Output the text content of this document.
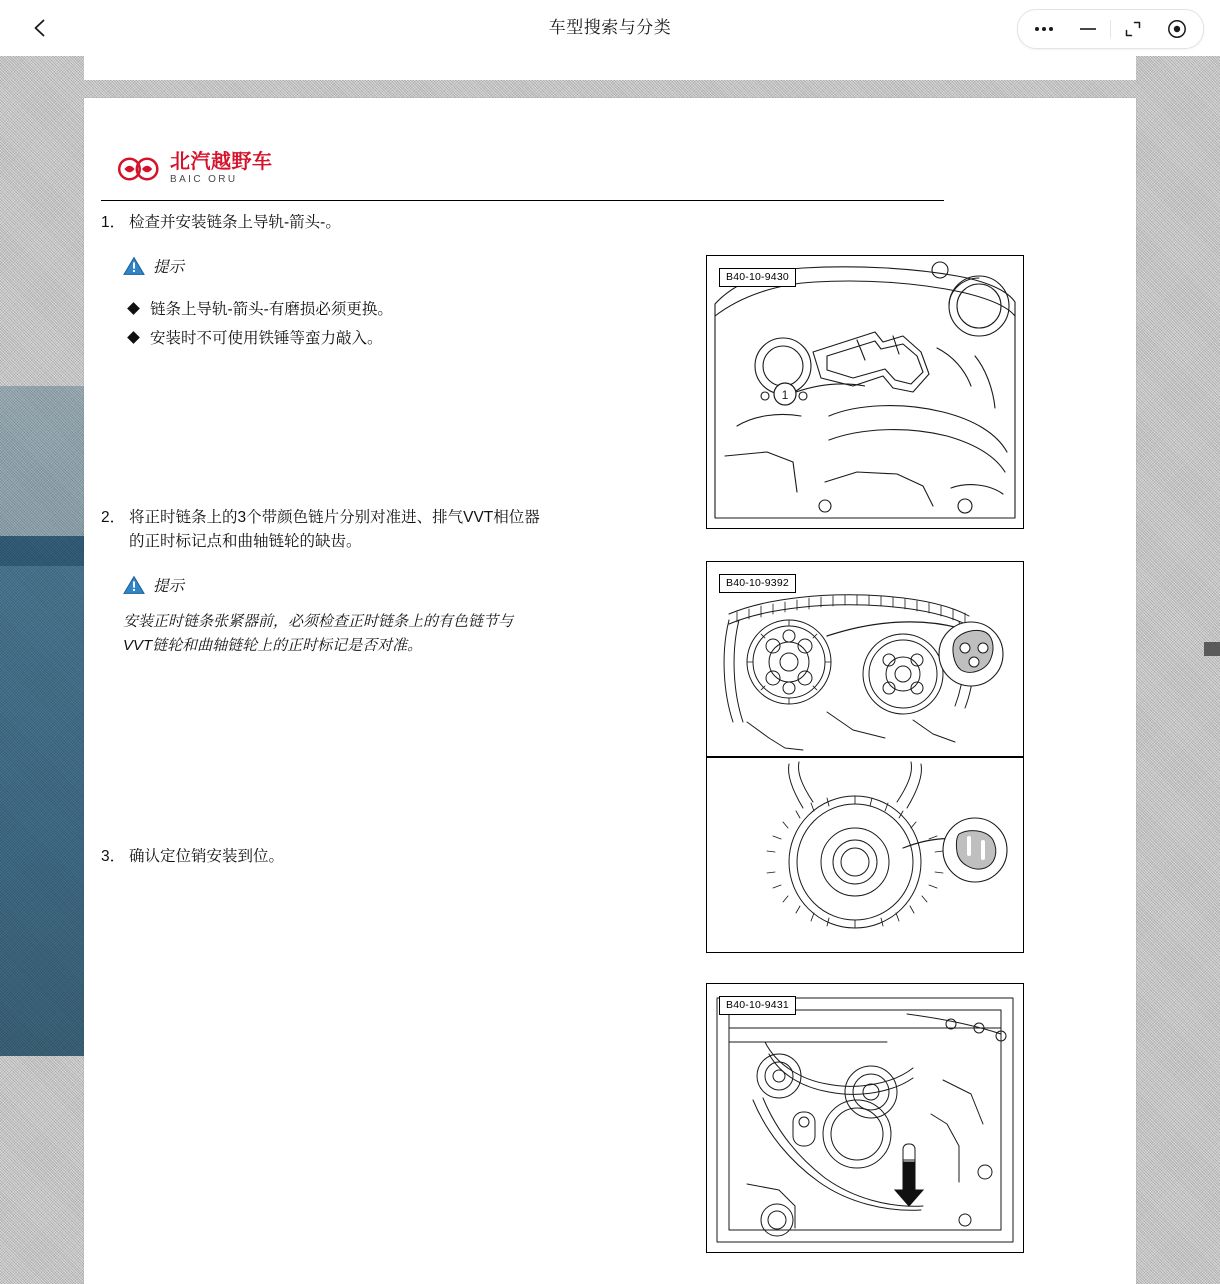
车型搜索与分类
北汽越野车
BAIC ORU
1． 检查并安装链条上导轨-箭头-。
提示
链条上导轨-箭头-有磨损必须更换。
安装时不可使用铁锤等蛮力敲入。
2． 将正时链条上的3个带颜色链片分别对准进、排气VVT相位器的正时标记点和曲轴链轮的缺齿。
提示
安装正时链条张紧器前，必须检查正时链条上的有色链节与VVT链轮和曲轴链轮上的正时标记是否对准。
3． 确认定位销安装到位。
B40-10-9430
1
B40-10-9392
B40-10-9431
